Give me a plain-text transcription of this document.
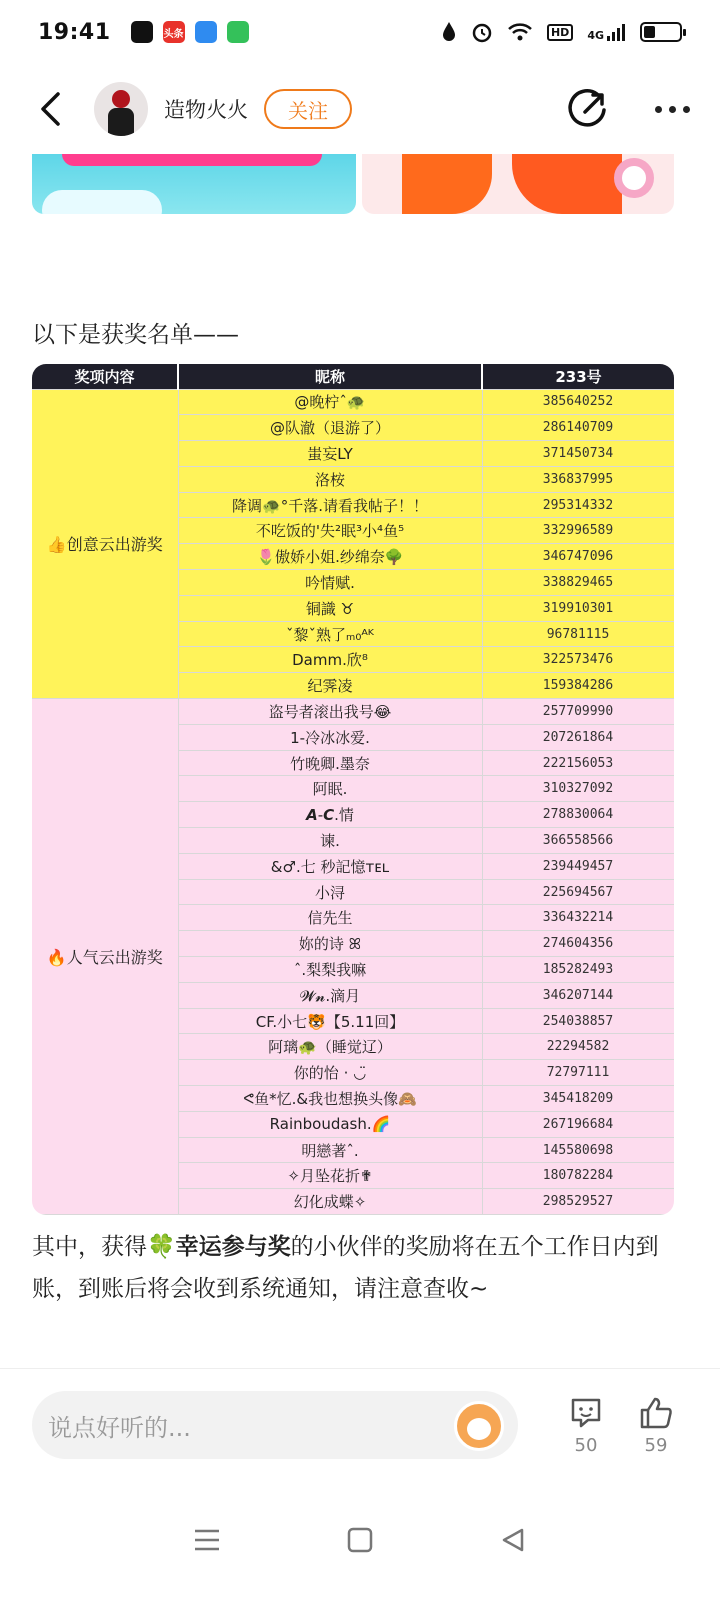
19:41	头条	HD	4G
造物火火	关注
以下是获奖名单——
奖项内容	昵称	233号
👍创意云出游奖	@晚柠ˆ🐢	385640252
	@队澈（退游了）	286140709
	蚩妄LY	371450734
	洛桉	336837995
	降调🐢°千落.请看我帖子！！	295314332
	不吃饭的'失²眠³小⁴鱼⁵	332996589
	🌷傲娇小姐.纱绵奈🌳	346747096
	吟情赋.	338829465
	铜識 ♉	319910301
	ˇ黎ˇ熟了ₘ₀ᴬᴷ	96781115
	Damm.欣⁸	322573476
	纪霁凌	159384286
🔥人气云出游奖	盗号者滚出我号😂	257709990
	1-冷冰冰爱.	207261864
	竹晚卿.墨奈	222156053
	阿眠.	310327092
	𝘼-𝘾.情	278830064
	谏.	366558566
	&♂.七 秒記憶ᴛᴇʟ	239449457
	小浔	225694567
	信先生	336432214
	妳的诗 ꕤ	274604356
	ˆ.梨梨我嘛	185282493
	𝓦𝓷.滴月	346207144
	CF.小七🐯【5.11回】	254038857
	阿璃🐢（睡觉辽）	22294582
	你的怡 · ◡̈	72797111
	ᕙ鱼*忆.&我也想换头像🙈	345418209
	Rainboudash.🌈	267196684
	明戀著ˆ.	145580698
	✧月坠花折✟	180782284
	幻化成蝶✧	298529527
其中，获得🍀幸运参与奖的小伙伴的奖励将在五个工作日内到账，到账后将会收到系统通知，请注意查收~
说点好听的...
50	59
